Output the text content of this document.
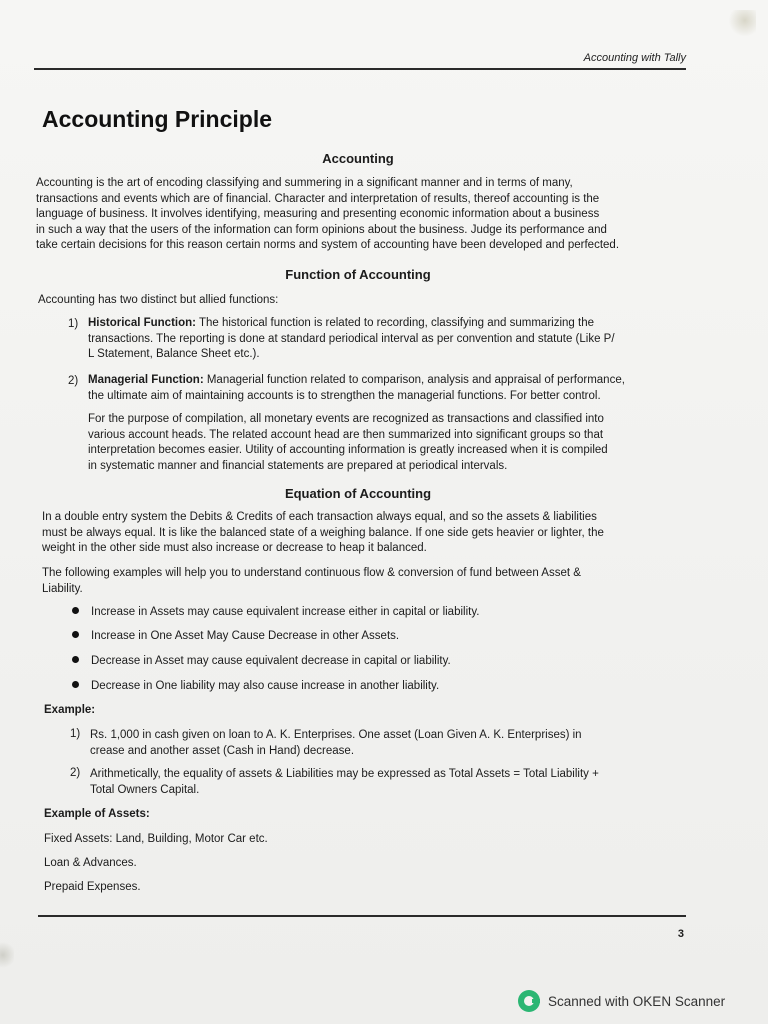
Accounting with Tally
Accounting Principle
Accounting
Accounting is the art of encoding classifying and summering in a significant manner and in terms of many,
transactions and events which are of financial. Character and interpretation of results, thereof accounting is the
language of business. It involves identifying, measuring and presenting economic information about a business
in such a way that the users of the information can form opinions about the business. Judge its performance and
take certain decisions for this reason certain norms and system of accounting have been developed and perfected.
Function of Accounting
Accounting has two distinct but allied functions:
1) Historical Function: The historical function is related to recording, classifying and summarizing the
transactions. The reporting is done at standard periodical interval as per convention and statute (Like P/
L Statement, Balance Sheet etc.).
2) Managerial Function: Managerial function related to comparison, analysis and appraisal of performance,
the ultimate aim of maintaining accounts is to strengthen the managerial functions. For better control.
For the purpose of compilation, all monetary events are recognized as transactions and classified into
various account heads. The related account head are then summarized into significant groups so that
interpretation becomes easier. Utility of accounting information is greatly increased when it is compiled
in systematic manner and financial statements are prepared at periodical intervals.
Equation of Accounting
In a double entry system the Debits & Credits of each transaction always equal, and so the assets & liabilities
must be always equal. It is like the balanced state of a weighing balance. If one side gets heavier or lighter, the
weight in the other side must also increase or decrease to heap it balanced.
The following examples will help you to understand continuous flow & conversion of fund between Asset &
Liability.
Increase in Assets may cause equivalent increase either in capital or liability.
Increase in One Asset May Cause Decrease in other Assets.
Decrease in Asset may cause equivalent decrease in capital or liability.
Decrease in One liability may also cause increase in another liability.
Example:
1) Rs. 1,000 in cash given on loan to A. K. Enterprises. One asset (Loan Given A. K. Enterprises) in
crease and another asset (Cash in Hand) decrease.
2) Arithmetically, the equality of assets & Liabilities may be expressed as Total Assets = Total Liability +
Total Owners Capital.
Example of Assets:
Fixed Assets: Land, Building, Motor Car etc.
Loan & Advances.
Prepaid Expenses.
3
Scanned with OKEN Scanner
